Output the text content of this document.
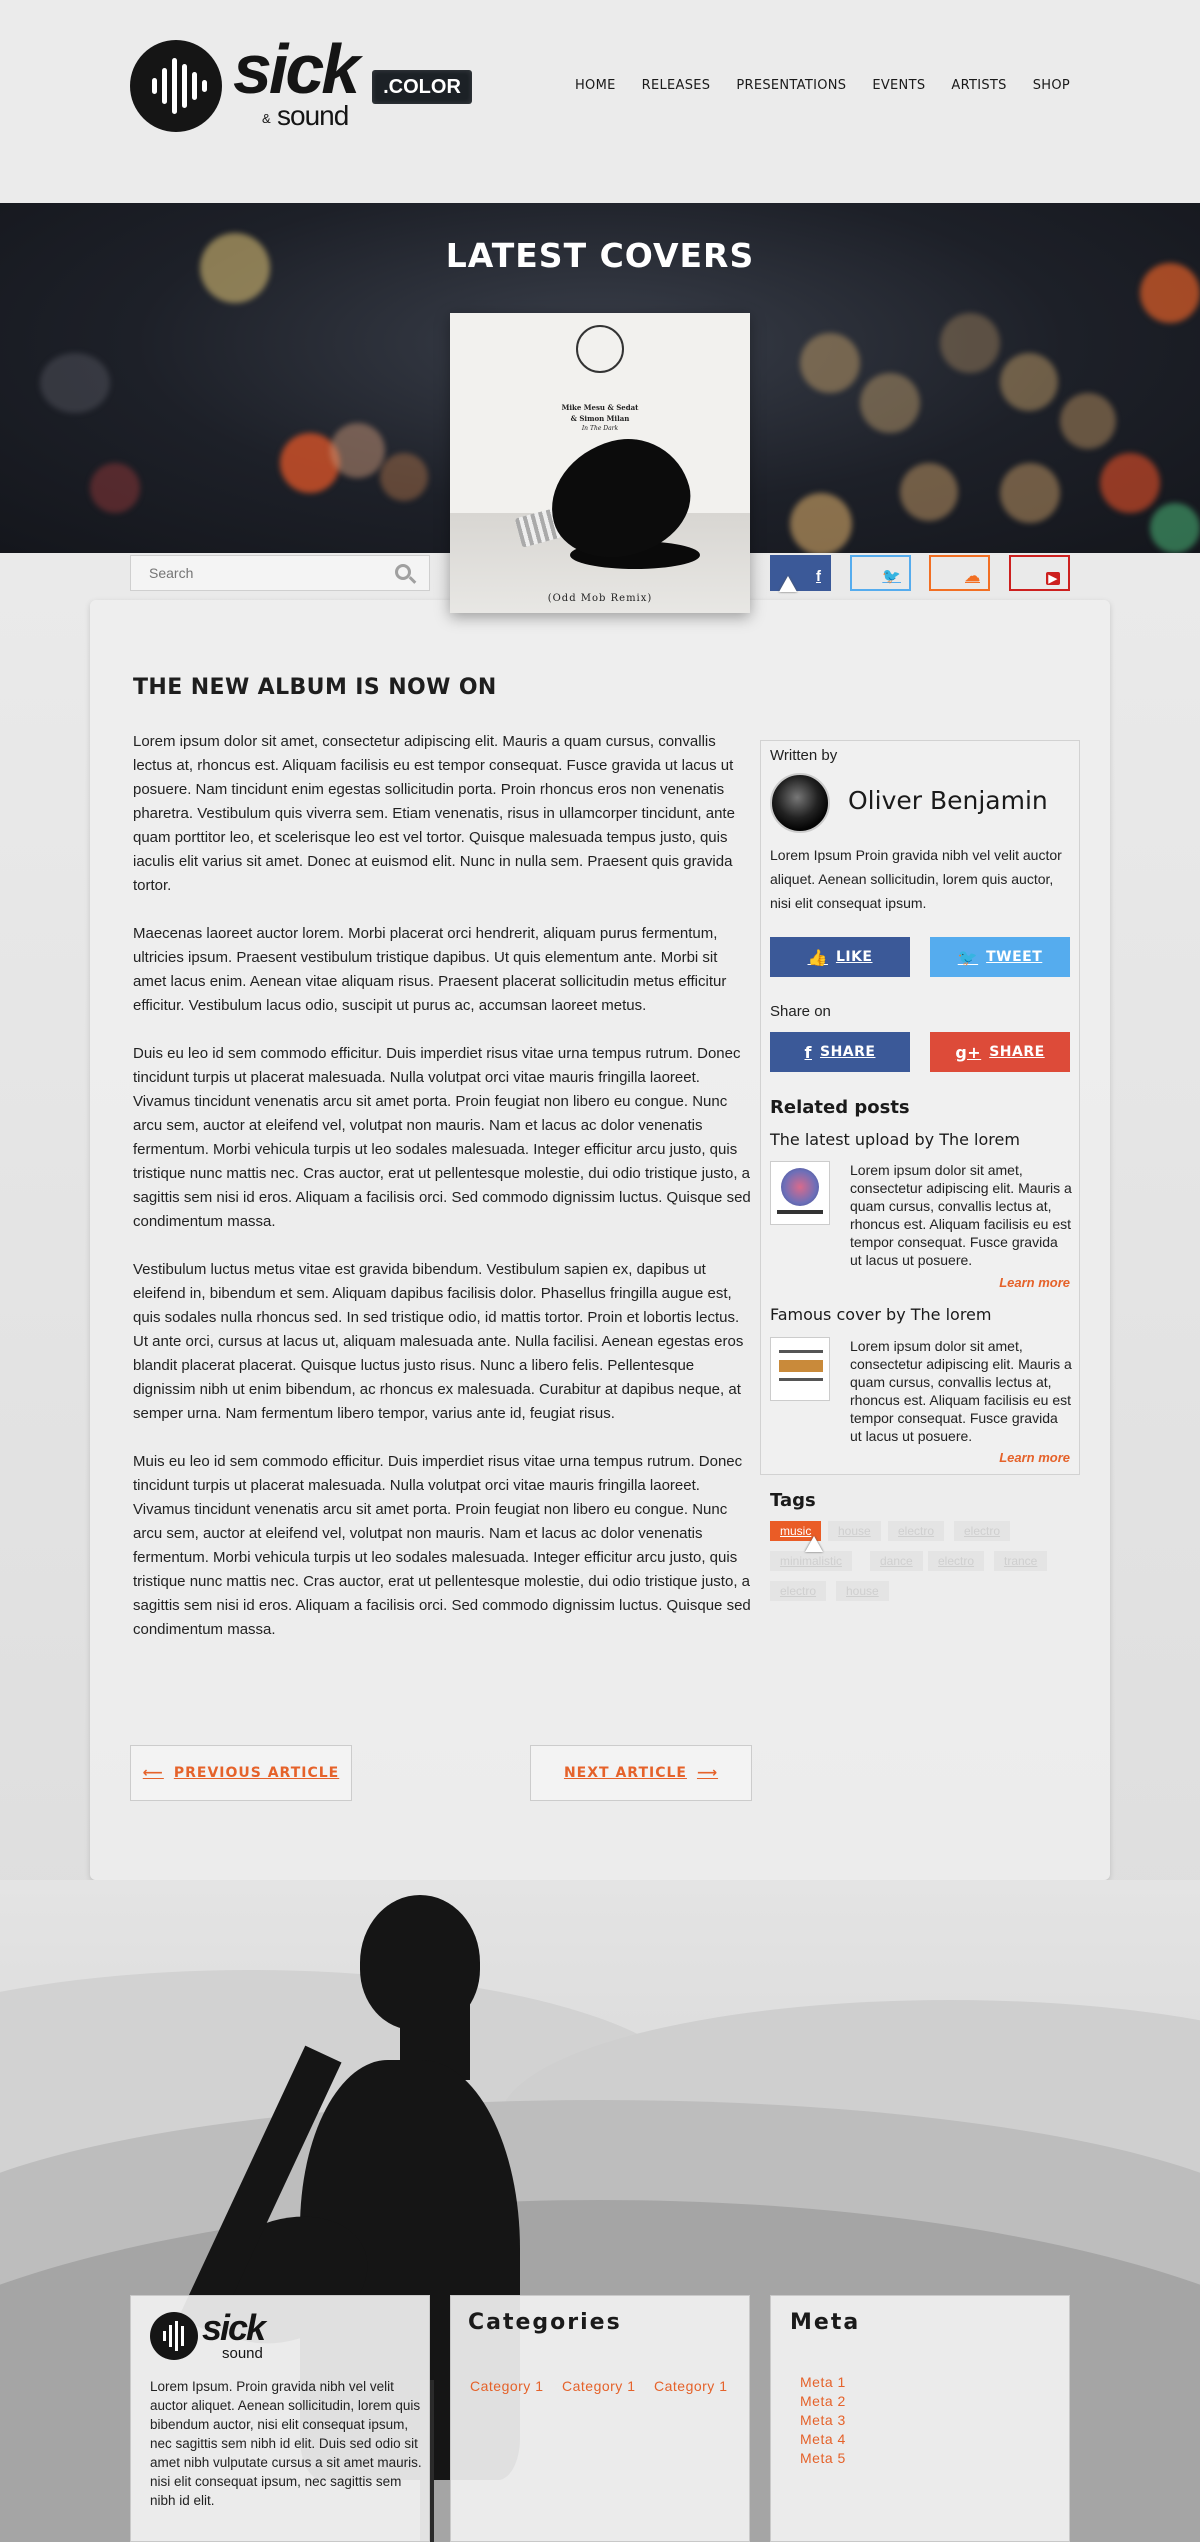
sick
& sound
.COLOR	HOME RELEASES PRESENTATIONS EVENTS ARTISTS SHOP
LATEST COVERS
Search
f	🐦	☁	▶
Mike Mesu & Sedat
& Simon Milan
In The Dark
(Odd Mob Remix)
THE NEW ALBUM IS NOW ON

Lorem ipsum dolor sit amet, consectetur adipiscing elit. Mauris a quam cursus, convallis lectus at, rhoncus est. Aliquam facilisis eu est tempor consequat. Fusce gravida ut lacus ut posuere. Nam tincidunt enim egestas sollicitudin porta. Proin rhoncus eros non venenatis pharetra. Vestibulum quis viverra sem. Etiam venenatis, risus in ullamcorper tincidunt, ante quam porttitor leo, et scelerisque leo est vel tortor. Quisque malesuada tempus justo, quis iaculis elit varius sit amet. Donec at euismod elit. Nunc in nulla sem. Praesent quis gravida tortor.

Maecenas laoreet auctor lorem. Morbi placerat orci hendrerit, aliquam purus fermentum, ultricies ipsum. Praesent vestibulum tristique dapibus. Ut quis elementum ante. Morbi sit amet lacus enim. Aenean vitae aliquam risus. Praesent placerat sollicitudin metus efficitur efficitur. Vestibulum lacus odio, suscipit ut purus ac, accumsan laoreet metus.

Duis eu leo id sem commodo efficitur. Duis imperdiet risus vitae urna tempus rutrum. Donec tincidunt turpis ut placerat malesuada. Nulla volutpat orci vitae mauris fringilla laoreet. Vivamus tincidunt venenatis arcu sit amet porta. Proin feugiat non libero eu congue. Nunc arcu sem, auctor at eleifend vel, volutpat non mauris. Nam et lacus ac dolor venenatis fermentum. Morbi vehicula turpis ut leo sodales malesuada. Integer efficitur arcu justo, quis tristique nunc mattis nec. Cras auctor, erat ut pellentesque molestie, dui odio tristique justo, a sagittis sem nisi id eros. Aliquam a facilisis orci. Sed commodo dignissim luctus. Quisque sed condimentum massa.

Vestibulum luctus metus vitae est gravida bibendum. Vestibulum sapien ex, dapibus ut eleifend in, bibendum et sem. Aliquam dapibus facilisis dolor. Phasellus fringilla augue est, quis sodales nulla rhoncus sed. In sed tristique odio, id mattis tortor. Proin et lobortis lectus. Ut ante orci, cursus at lacus ut, aliquam malesuada ante. Nulla facilisi. Aenean egestas eros blandit placerat placerat. Quisque luctus justo risus. Nunc a libero felis. Pellentesque dignissim nibh ut enim bibendum, ac rhoncus ex malesuada. Curabitur at dapibus neque, at semper urna. Nam fermentum libero tempor, varius ante id, feugiat risus.

Muis eu leo id sem commodo efficitur. Duis imperdiet risus vitae urna tempus rutrum. Donec tincidunt turpis ut placerat malesuada. Nulla volutpat orci vitae mauris fringilla laoreet. Vivamus tincidunt venenatis arcu sit amet porta. Proin feugiat non libero eu congue. Nunc arcu sem, auctor at eleifend vel, volutpat non mauris. Nam et lacus ac dolor venenatis fermentum. Morbi vehicula turpis ut leo sodales malesuada. Integer efficitur arcu justo, quis tristique nunc mattis nec. Cras auctor, erat ut pellentesque molestie, dui odio tristique justo, a sagittis sem nisi id eros. Aliquam a facilisis orci. Sed commodo dignissim luctus. Quisque sed condimentum massa.

Written by
Oliver Benjamin
Lorem Ipsum Proin gravida nibh vel velit auctor aliquet. Aenean sollicitudin, lorem quis auctor, nisi elit consequat ipsum.
👍 LIKE	🐦 TWEET
Share on
f SHARE	g+ SHARE
Related posts
The latest upload by The lorem
Lorem ipsum dolor sit amet, consectetur adipiscing elit. Mauris a quam cursus, convallis lectus at, rhoncus est. Aliquam facilisis eu est tempor consequat. Fusce gravida ut lacus ut posuere.
Learn more
Famous cover by The lorem
Lorem ipsum dolor sit amet, consectetur adipiscing elit. Mauris a quam cursus, convallis lectus at, rhoncus est. Aliquam facilisis eu est tempor consequat. Fusce gravida ut lacus ut posuere.
Learn more
Tags
music	house	electro	electro
minimalistic	dance	electro	trance
electro	house
⟵ PREVIOUS ARTICLE	NEXT ARTICLE ⟶
sick
sound
Lorem Ipsum. Proin gravida nibh vel velit auctor aliquet. Aenean sollicitudin, lorem quis bibendum auctor, nisi elit consequat ipsum, nec sagittis sem nibh id elit. Duis sed odio sit amet nibh vulputate cursus a sit amet mauris. nisi elit consequat ipsum, nec sagittis sem nibh id elit.
Categories
Category 1 Category 1 Category 1
Meta
Meta 1
Meta 2
Meta 3
Meta 4
Meta 5
